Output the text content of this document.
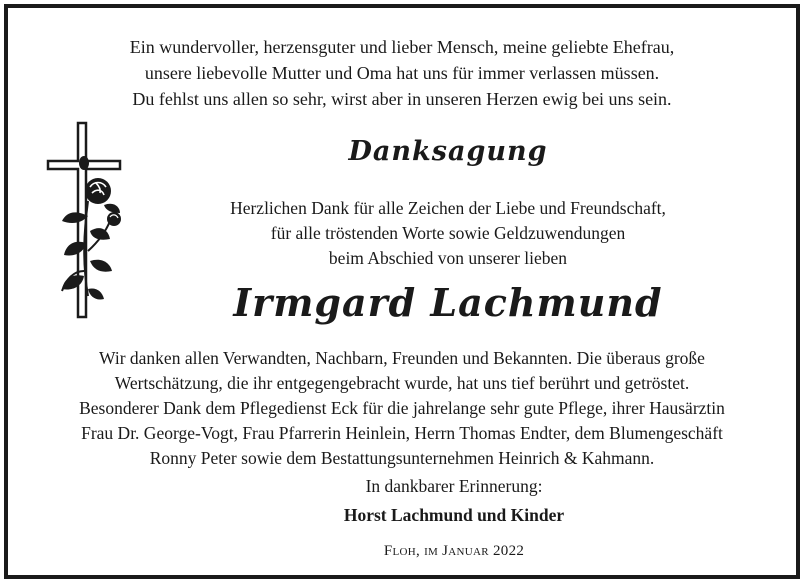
Ein wundervoller, herzensguter und lieber Mensch, meine geliebte Ehefrau,
unsere liebevolle Mutter und Oma hat uns für immer verlassen müssen.
Du fehlst uns allen so sehr, wirst aber in unseren Herzen ewig bei uns sein.
Danksagung
Herzlichen Dank für alle Zeichen der Liebe und Freundschaft,
für alle tröstenden Worte sowie Geldzuwendungen
beim Abschied von unserer lieben
Irmgard Lachmund
Wir danken allen Verwandten, Nachbarn, Freunden und Bekannten. Die überaus große
Wertschätzung, die ihr entgegengebracht wurde, hat uns tief berührt und getröstet.
Besonderer Dank dem Pflegedienst Eck für die jahrelange sehr gute Pflege, ihrer Hausärztin
Frau Dr. George-Vogt, Frau Pfarrerin Heinlein, Herrn Thomas Endter, dem Blumengeschäft
Ronny Peter sowie dem Bestattungsunternehmen Heinrich & Kahmann.
In dankbarer Erinnerung:
Horst Lachmund und Kinder
Floh, im Januar 2022
